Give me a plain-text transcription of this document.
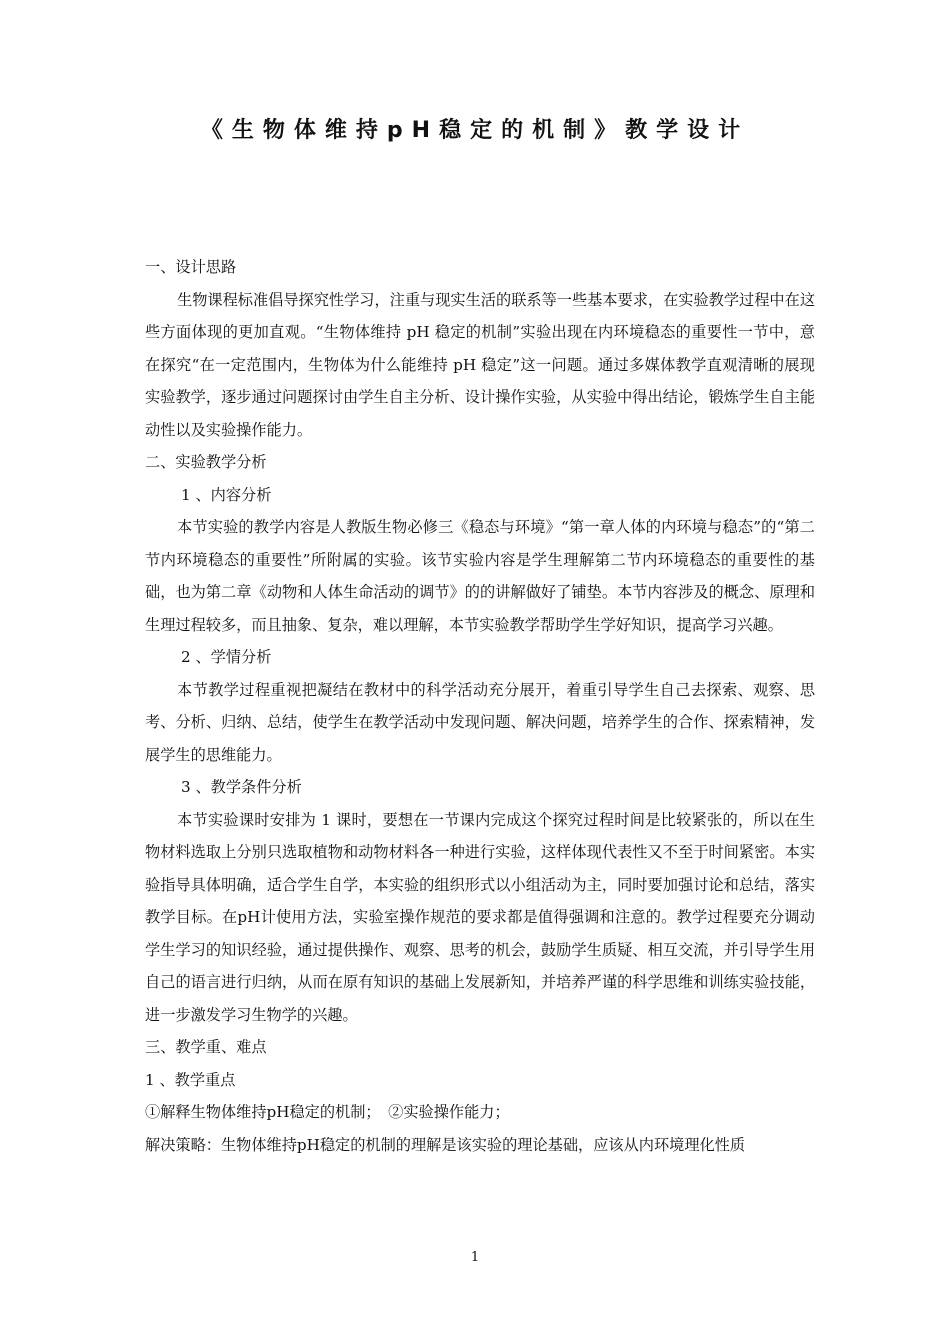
《生物体维持pH稳定的机制》教学设计

一、设计思路

生物课程标准倡导探究性学习，注重与现实生活的联系等一些基本要求，在实验教学过程中在这些方面体现的更加直观。“生物体维持 pH 稳定的机制”实验出现在内环境稳态的重要性一节中，意在探究“在一定范围内，生物体为什么能维持 pH 稳定”这一问题。通过多媒体教学直观清晰的展现实验教学，逐步通过问题探讨由学生自主分析、设计操作实验，从实验中得出结论，锻炼学生自主能动性以及实验操作能力。

二、实验教学分析

1 、内容分析

本节实验的教学内容是人教版生物必修三《稳态与环境》“第一章人体的内环境与稳态”的“第二节内环境稳态的重要性”所附属的实验。该节实验内容是学生理解第二节内环境稳态的重要性的基础，也为第二章《动物和人体生命活动的调节》的的讲解做好了铺垫。本节内容涉及的概念、原理和生理过程较多，而且抽象、复杂，难以理解，本节实验教学帮助学生学好知识，提高学习兴趣。

2 、学情分析

本节教学过程重视把凝结在教材中的科学活动充分展开，着重引导学生自己去探索、观察、思考、分析、归纳、总结，使学生在教学活动中发现问题、解决问题，培养学生的合作、探索精神，发展学生的思维能力。

3 、教学条件分析

本节实验课时安排为 1 课时，要想在一节课内完成这个探究过程时间是比较紧张的，所以在生物材料选取上分别只选取植物和动物材料各一种进行实验，这样体现代表性又不至于时间紧密。本实验指导具体明确，适合学生自学，本实验的组织形式以小组活动为主，同时要加强讨论和总结，落实教学目标。在pH计使用方法，实验室操作规范的要求都是值得强调和注意的。教学过程要充分调动学生学习的知识经验，通过提供操作、观察、思考的机会，鼓励学生质疑、相互交流，并引导学生用自己的语言进行归纳，从而在原有知识的基础上发展新知，并培养严谨的科学思维和训练实验技能，进一步激发学习生物学的兴趣。

三、教学重、难点

1 、教学重点

①解释生物体维持pH稳定的机制；　②实验操作能力；

解决策略：生物体维持pH稳定的机制的理解是该实验的理论基础，应该从内环境理化性质

1
